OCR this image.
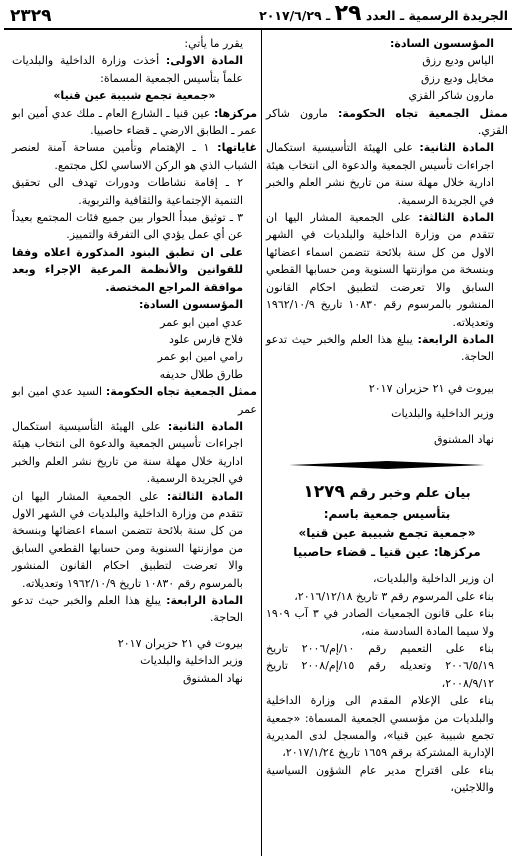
الجريدة الرسمية ـ العدد ٢٩ ـ ٢٠١٧/٦/٢٩
٢٣٢٩

المؤسسون السادة:

الياس وديع رزق

مخايل وديع رزق

مارون شاكر القزي

ممثل الجمعية تجاه الحكومة: مارون شاكر القزي.

المادة الثانية: على الهيئة التأسيسية استكمال اجراءات تأسيس الجمعية والدعوة الى انتخاب هيئة ادارية خلال مهلة سنة من تاريخ نشر العلم والخبر في الجريدة الرسمية.

المادة الثالثة: على الجمعية المشار اليها ان تتقدم من وزارة الداخلية والبلديات في الشهر الاول من كل سنة بلائحة تتضمن اسماء اعضائها وبنسخة من موازنتها السنوية ومن حسابها القطعي السابق والا تعرضت لتطبيق احكام القانون المنشور بالمرسوم رقم ١٠٨٣٠ تاريخ ١٩٦٢/١٠/٩ وتعديلاته.

المادة الرابعة: يبلغ هذا العلم والخبر حيث تدعو الحاجة.

بيروت في ٢١ حزيران ٢٠١٧

وزير الداخلية والبلديات

نهاد المشنوق

بيان علم وخبر رقم ١٢٧٩

بتأسيس جمعية باسم:

«جمعية تجمع شبيبة عين قنيا»

مركزها: عين قنيا ـ قضاء حاصبيا

ان وزير الداخلية والبلديات،

بناء على المرسوم رقم ٣ تاريخ ٢٠١٦/١٢/١٨،

بناء على قانون الجمعيات الصادر في ٣ آب ١٩٠٩ ولا سيما المادة السادسة منه،

بناء على التعميم رقم ١٠/إم/٢٠٠٦ تاريخ ٢٠٠٦/٥/١٩ وتعديله رقم ١٥/إم/٢٠٠٨ تاريخ ٢٠٠٨/٩/١٢،

بناء على الإعلام المقدم الى وزارة الداخلية والبلديات من مؤسسي الجمعية المسماة: «جمعية تجمع شبيبة عين قنيا»، والمسجل لدى المديرية الإدارية المشتركة برقم ١٦٥٩ تاريخ ٢٠١٧/١/٢٤،

بناء على اقتراح مدير عام الشؤون السياسية واللاجئين،

يقرر ما يأتي:

المادة الاولى: أخذت وزارة الداخلية والبلديات علماً بتأسيس الجمعية المسماة:

«جمعية تجمع شبيبة عين قنيا»

مركزها: عين قنيا ـ الشارع العام ـ ملك عدي أمين ابو عمر ـ الطابق الارضي ـ قضاء حاصبيا.

غاياتها: ١ ـ الإهتمام وتأمين مساحة آمنة لعنصر الشباب الذي هو الركن الاساسي لكل مجتمع.

٢ ـ إقامة نشاطات ودورات تهدف الى تحقيق التنمية الإجتماعية والثقافية والتربوية.

٣ ـ توثيق مبدأ الحوار بين جميع فئات المجتمع بعيداً عن أي عمل يؤدي الى التفرقة والتمييز.

على ان تطبق البنود المذكورة اعلاه وفقا للقوانين والأنظمة المرعية الإجراء وبعد موافقة المراجع المختصة.

المؤسسون السادة:

عدي امين ابو عمر

فلاح فارس علود

رامي امين ابو عمر

طارق طلال حديفه

ممثل الجمعية تجاه الحكومة: السيد عدي امين ابو عمر

المادة الثانية: على الهيئة التأسيسية استكمال اجراءات تأسيس الجمعية والدعوة الى انتخاب هيئة ادارية خلال مهلة سنة من تاريخ نشر العلم والخبر في الجريدة الرسمية.

المادة الثالثة: على الجمعية المشار اليها ان تتقدم من وزارة الداخلية والبلديات في الشهر الاول من كل سنة بلائحة تتضمن اسماء اعضائها وبنسخة من موازنتها السنوية ومن حسابها القطعي السابق والا تعرضت لتطبيق احكام القانون المنشور بالمرسوم رقم ١٠٨٣٠ تاريخ ١٩٦٢/١٠/٩ وتعديلاته.

المادة الرابعة: يبلغ هذا العلم والخبر حيث تدعو الحاجة.

بيروت في ٢١ حزيران ٢٠١٧

وزير الداخلية والبلديات

نهاد المشنوق
